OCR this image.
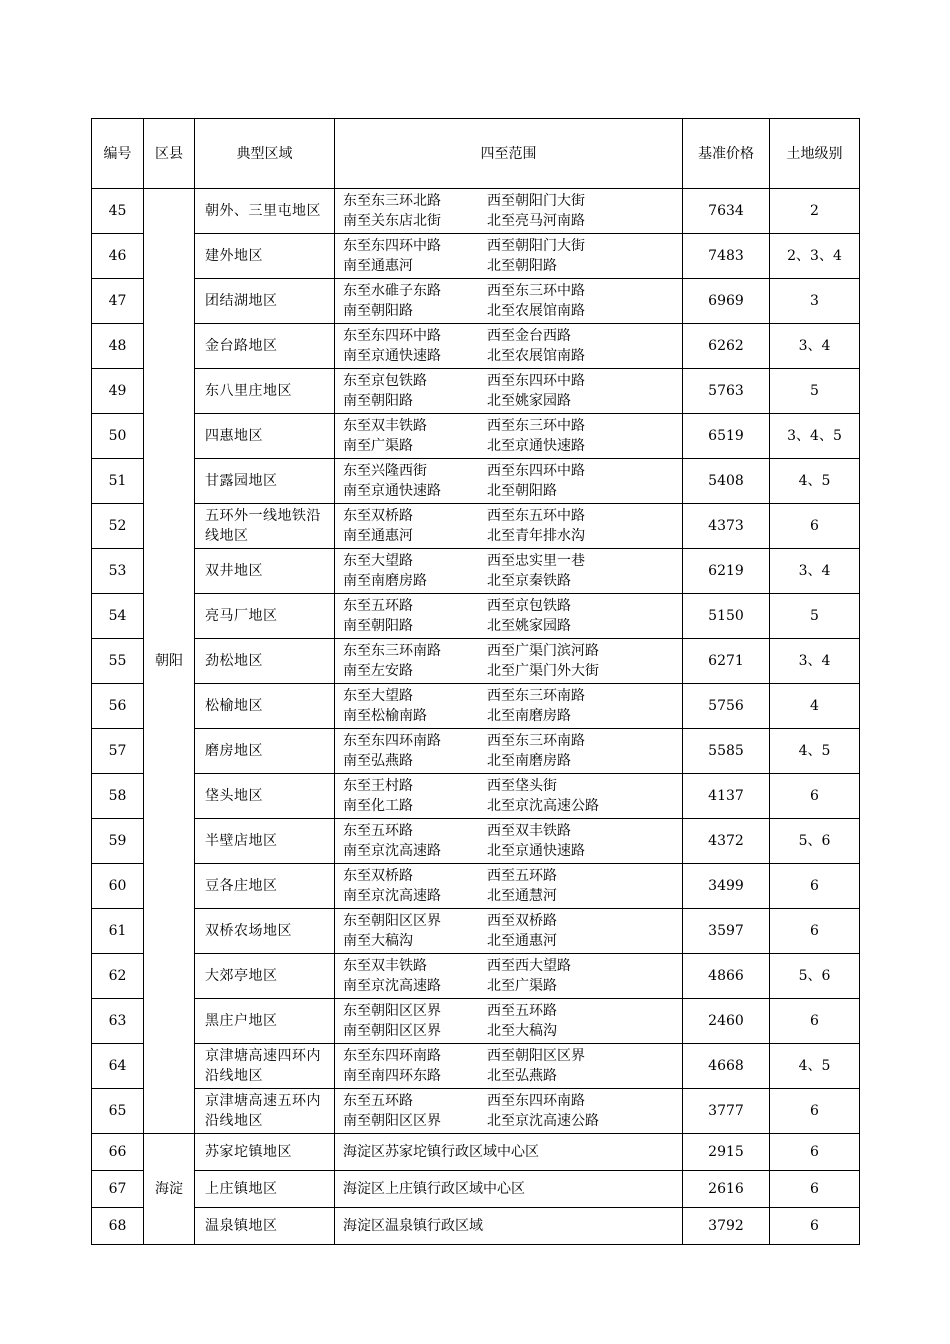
编号	区县	典型区域	四至范围	基准价格	土地级别
45	朝阳	朝外、三里屯地区	东至东三环北路 西至朝阳门大街
南至关东店北街 北至亮马河南路	7634	2
46		建外地区	东至东四环中路 西至朝阳门大街
南至通惠河 北至朝阳路	7483	2、3、4
47		团结湖地区	东至水碓子东路 西至东三环中路
南至朝阳路 北至农展馆南路	6969	3
48		金台路地区	东至东四环中路 西至金台西路
南至京通快速路 北至农展馆南路	6262	3、4
49		东八里庄地区	东至京包铁路 西至东四环中路
南至朝阳路 北至姚家园路	5763	5
50		四惠地区	东至双丰铁路 西至东三环中路
南至广渠路 北至京通快速路	6519	3、4、5
51		甘露园地区	东至兴隆西街 西至东四环中路
南至京通快速路 北至朝阳路	5408	4、5
52		五环外一线地铁沿线地区	东至双桥路 西至东五环中路
南至通惠河 北至青年排水沟	4373	6
53		双井地区	东至大望路 西至忠实里一巷
南至南磨房路 北至京秦铁路	6219	3、4
54		亮马厂地区	东至五环路 西至京包铁路
南至朝阳路 北至姚家园路	5150	5
55		劲松地区	东至东三环南路 西至广渠门滨河路
南至左安路 北至广渠门外大街	6271	3、4
56		松榆地区	东至大望路 西至东三环南路
南至松榆南路 北至南磨房路	5756	4
57		磨房地区	东至东四环南路 西至东三环南路
南至弘燕路 北至南磨房路	5585	4、5
58		垡头地区	东至王村路 西至垡头街
南至化工路 北至京沈高速公路	4137	6
59		半壁店地区	东至五环路 西至双丰铁路
南至京沈高速路 北至京通快速路	4372	5、6
60		豆各庄地区	东至双桥路 西至五环路
南至京沈高速路 北至通慧河	3499	6
61		双桥农场地区	东至朝阳区区界 西至双桥路
南至大稿沟 北至通惠河	3597	6
62		大郊亭地区	东至双丰铁路 西至西大望路
南至京沈高速路 北至广渠路	4866	5、6
63		黑庄户地区	东至朝阳区区界 西至五环路
南至朝阳区区界 北至大稿沟	2460	6
64		京津塘高速四环内沿线地区	东至东四环南路 西至朝阳区区界
南至南四环东路 北至弘燕路	4668	4、5
65		京津塘高速五环内沿线地区	东至五环路 西至东四环南路
南至朝阳区区界 北至京沈高速公路	3777	6
66	海淀	苏家坨镇地区	海淀区苏家坨镇行政区域中心区	2915	6
67		上庄镇地区	海淀区上庄镇行政区域中心区	2616	6
68		温泉镇地区	海淀区温泉镇行政区域	3792	6
